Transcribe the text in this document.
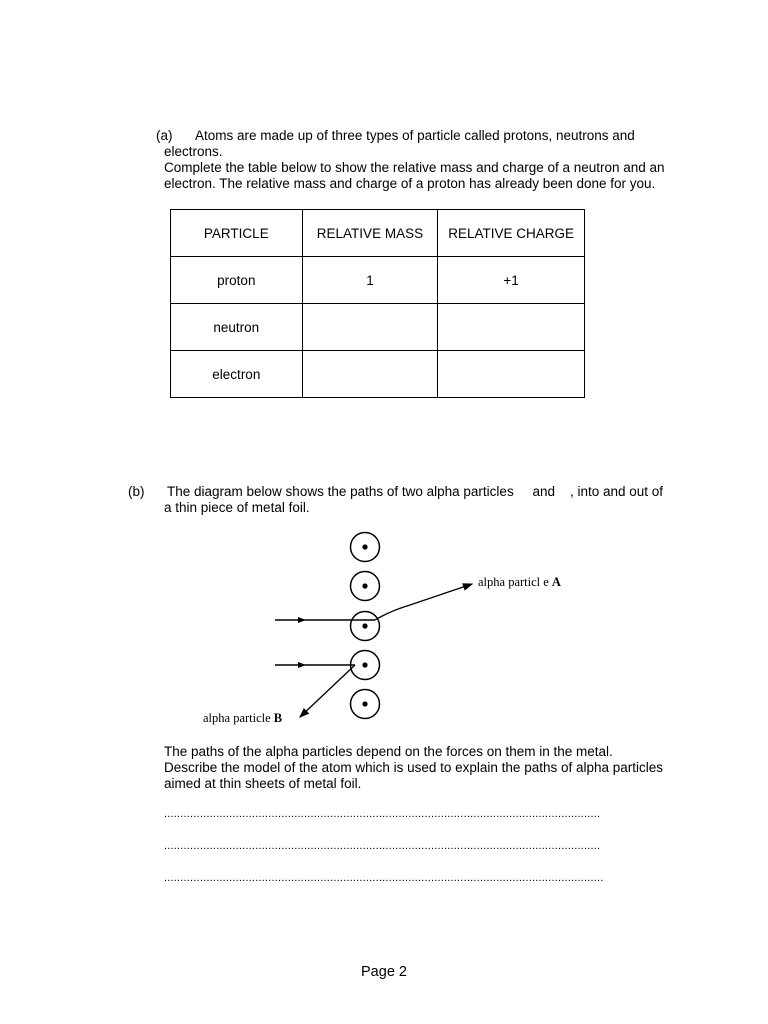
(a) Atoms are made up of three types of particle called protons, neutrons and
electrons.
Complete the table below to show the relative mass and charge of a neutron and an
electron. The relative mass and charge of a proton has already been done for you.
PARTICLE	RELATIVE MASS	RELATIVE CHARGE
proton	1	+1
neutron		
electron		
(b) The diagram below shows the paths of two alpha particles     and    , into and out of
a thin piece of metal foil.
alpha particl e A
alpha particle B
The paths of the alpha particles depend on the forces on them in the metal.
Describe the model of the atom which is used to explain the paths of alpha particles
aimed at thin sheets of metal foil.
......................................................................................................................................
......................................................................................................................................
.......................................................................................................................................
Page 2
